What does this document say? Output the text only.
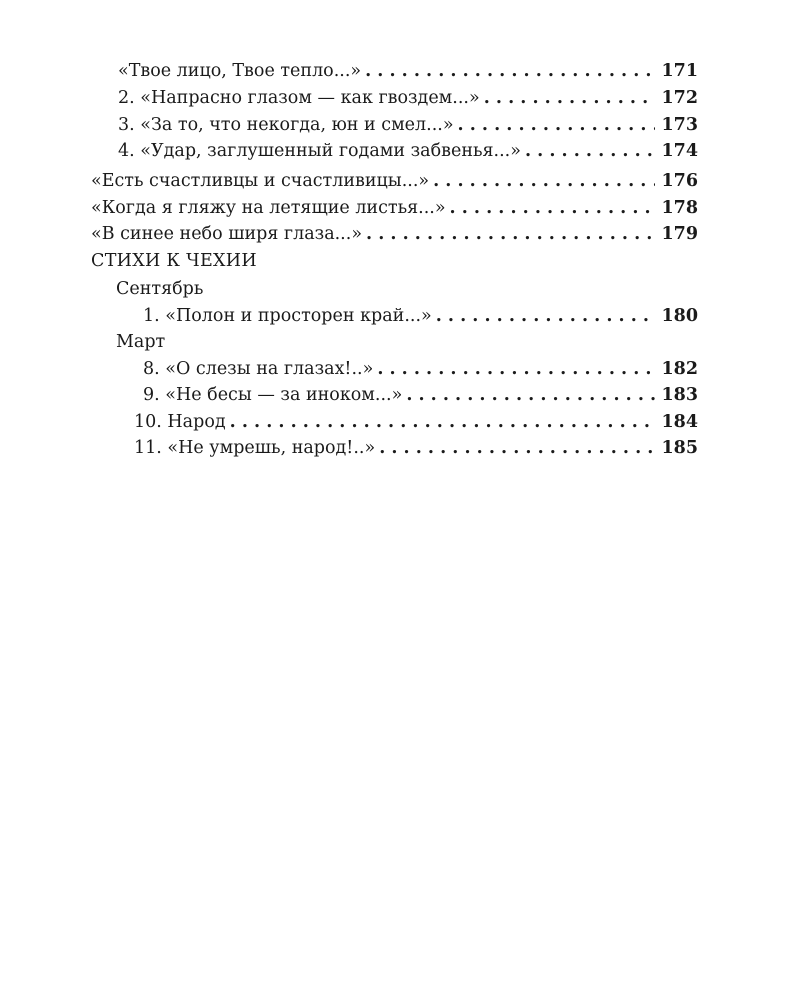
«Твое лицо, Твое тепло...» . . .	171
2. «Напрасно глазом — как гвоздем...» . . .	172
3. «За то, что некогда, юн и смел...» . . .	173
4. «Удар, заглушенный годами забвенья...» . . .	174
«Есть счастливцы и счастливицы...» . . .	176
«Когда я гляжу на летящие листья...» . . .	178
«В синее небо ширя глаза...» . . .	179
СТИХИ К ЧЕХИИ
Сентябрь
1. «Полон и просторен край...» . . .	180
Март
8. «О слезы на глазах!..» . . .	182
9. «Не бесы — за иноком...» . . .	183
10. Народ . . .	184
11. «Не умрешь, народ!..» . . .	185
